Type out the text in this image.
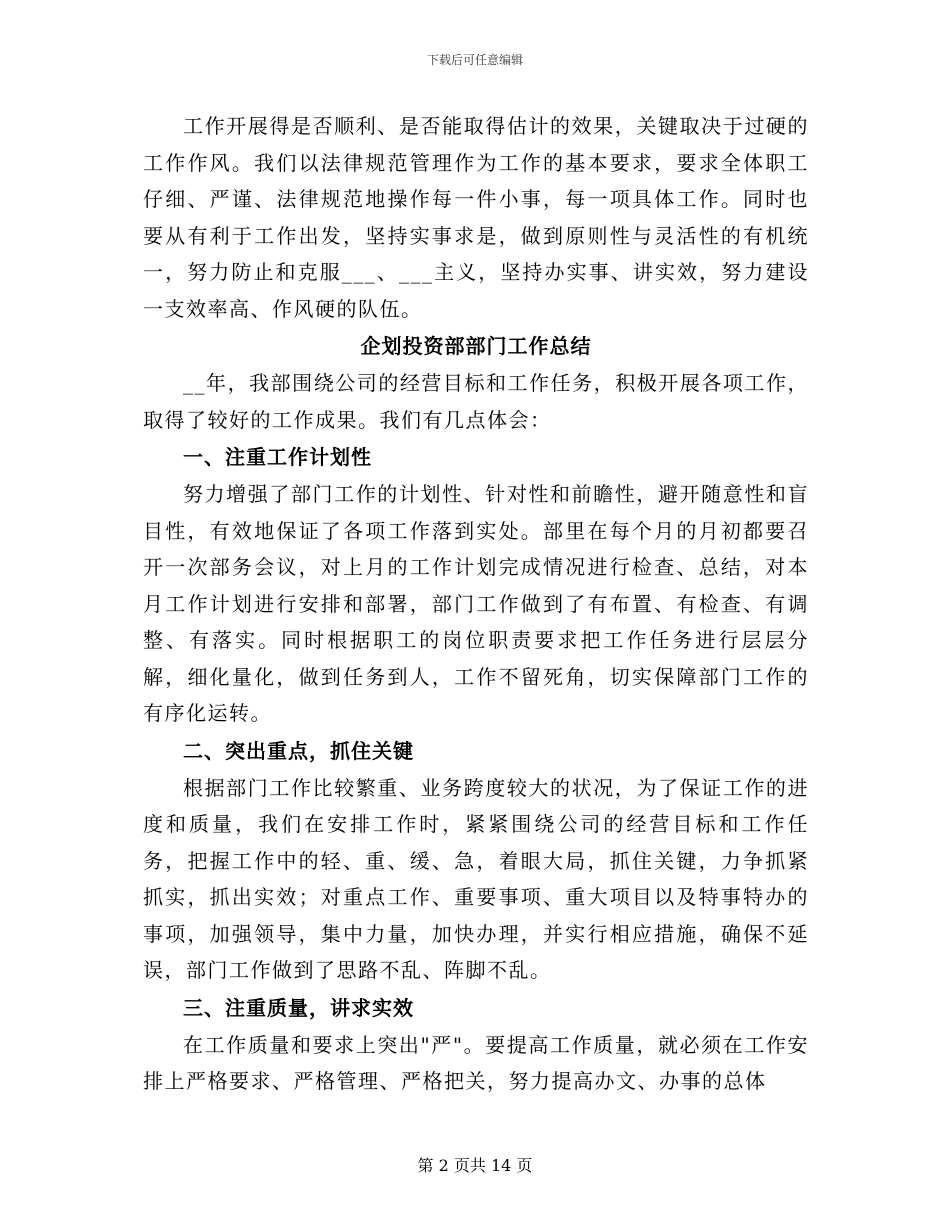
下载后可任意编辑

工作开展得是否顺利、是否能取得估计的效果，关键取决于过硬的工作作风。我们以法律规范管理作为工作的基本要求，要求全体职工仔细、严谨、法律规范地操作每一件小事，每一项具体工作。同时也要从有利于工作出发，坚持实事求是，做到原则性与灵活性的有机统一，努力防止和克服___、___主义，坚持办实事、讲实效，努力建设一支效率高、作风硬的队伍。

企划投资部部门工作总结

__年，我部围绕公司的经营目标和工作任务，积极开展各项工作，取得了较好的工作成果。我们有几点体会：

一、注重工作计划性

努力增强了部门工作的计划性、针对性和前瞻性，避开随意性和盲目性，有效地保证了各项工作落到实处。部里在每个月的月初都要召开一次部务会议，对上月的工作计划完成情况进行检查、总结，对本月工作计划进行安排和部署，部门工作做到了有布置、有检查、有调整、有落实。同时根据职工的岗位职责要求把工作任务进行层层分解，细化量化，做到任务到人，工作不留死角，切实保障部门工作的有序化运转。

二、突出重点，抓住关键

根据部门工作比较繁重、业务跨度较大的状况，为了保证工作的进度和质量，我们在安排工作时，紧紧围绕公司的经营目标和工作任务，把握工作中的轻、重、缓、急，着眼大局，抓住关键，力争抓紧抓实，抓出实效；对重点工作、重要事项、重大项目以及特事特办的事项，加强领导，集中力量，加快办理，并实行相应措施，确保不延误，部门工作做到了思路不乱、阵脚不乱。

三、注重质量，讲求实效

在工作质量和要求上突出"严"。要提高工作质量，就必须在工作安排上严格要求、严格管理、严格把关，努力提高办文、办事的总体

第 2 页共 14 页
